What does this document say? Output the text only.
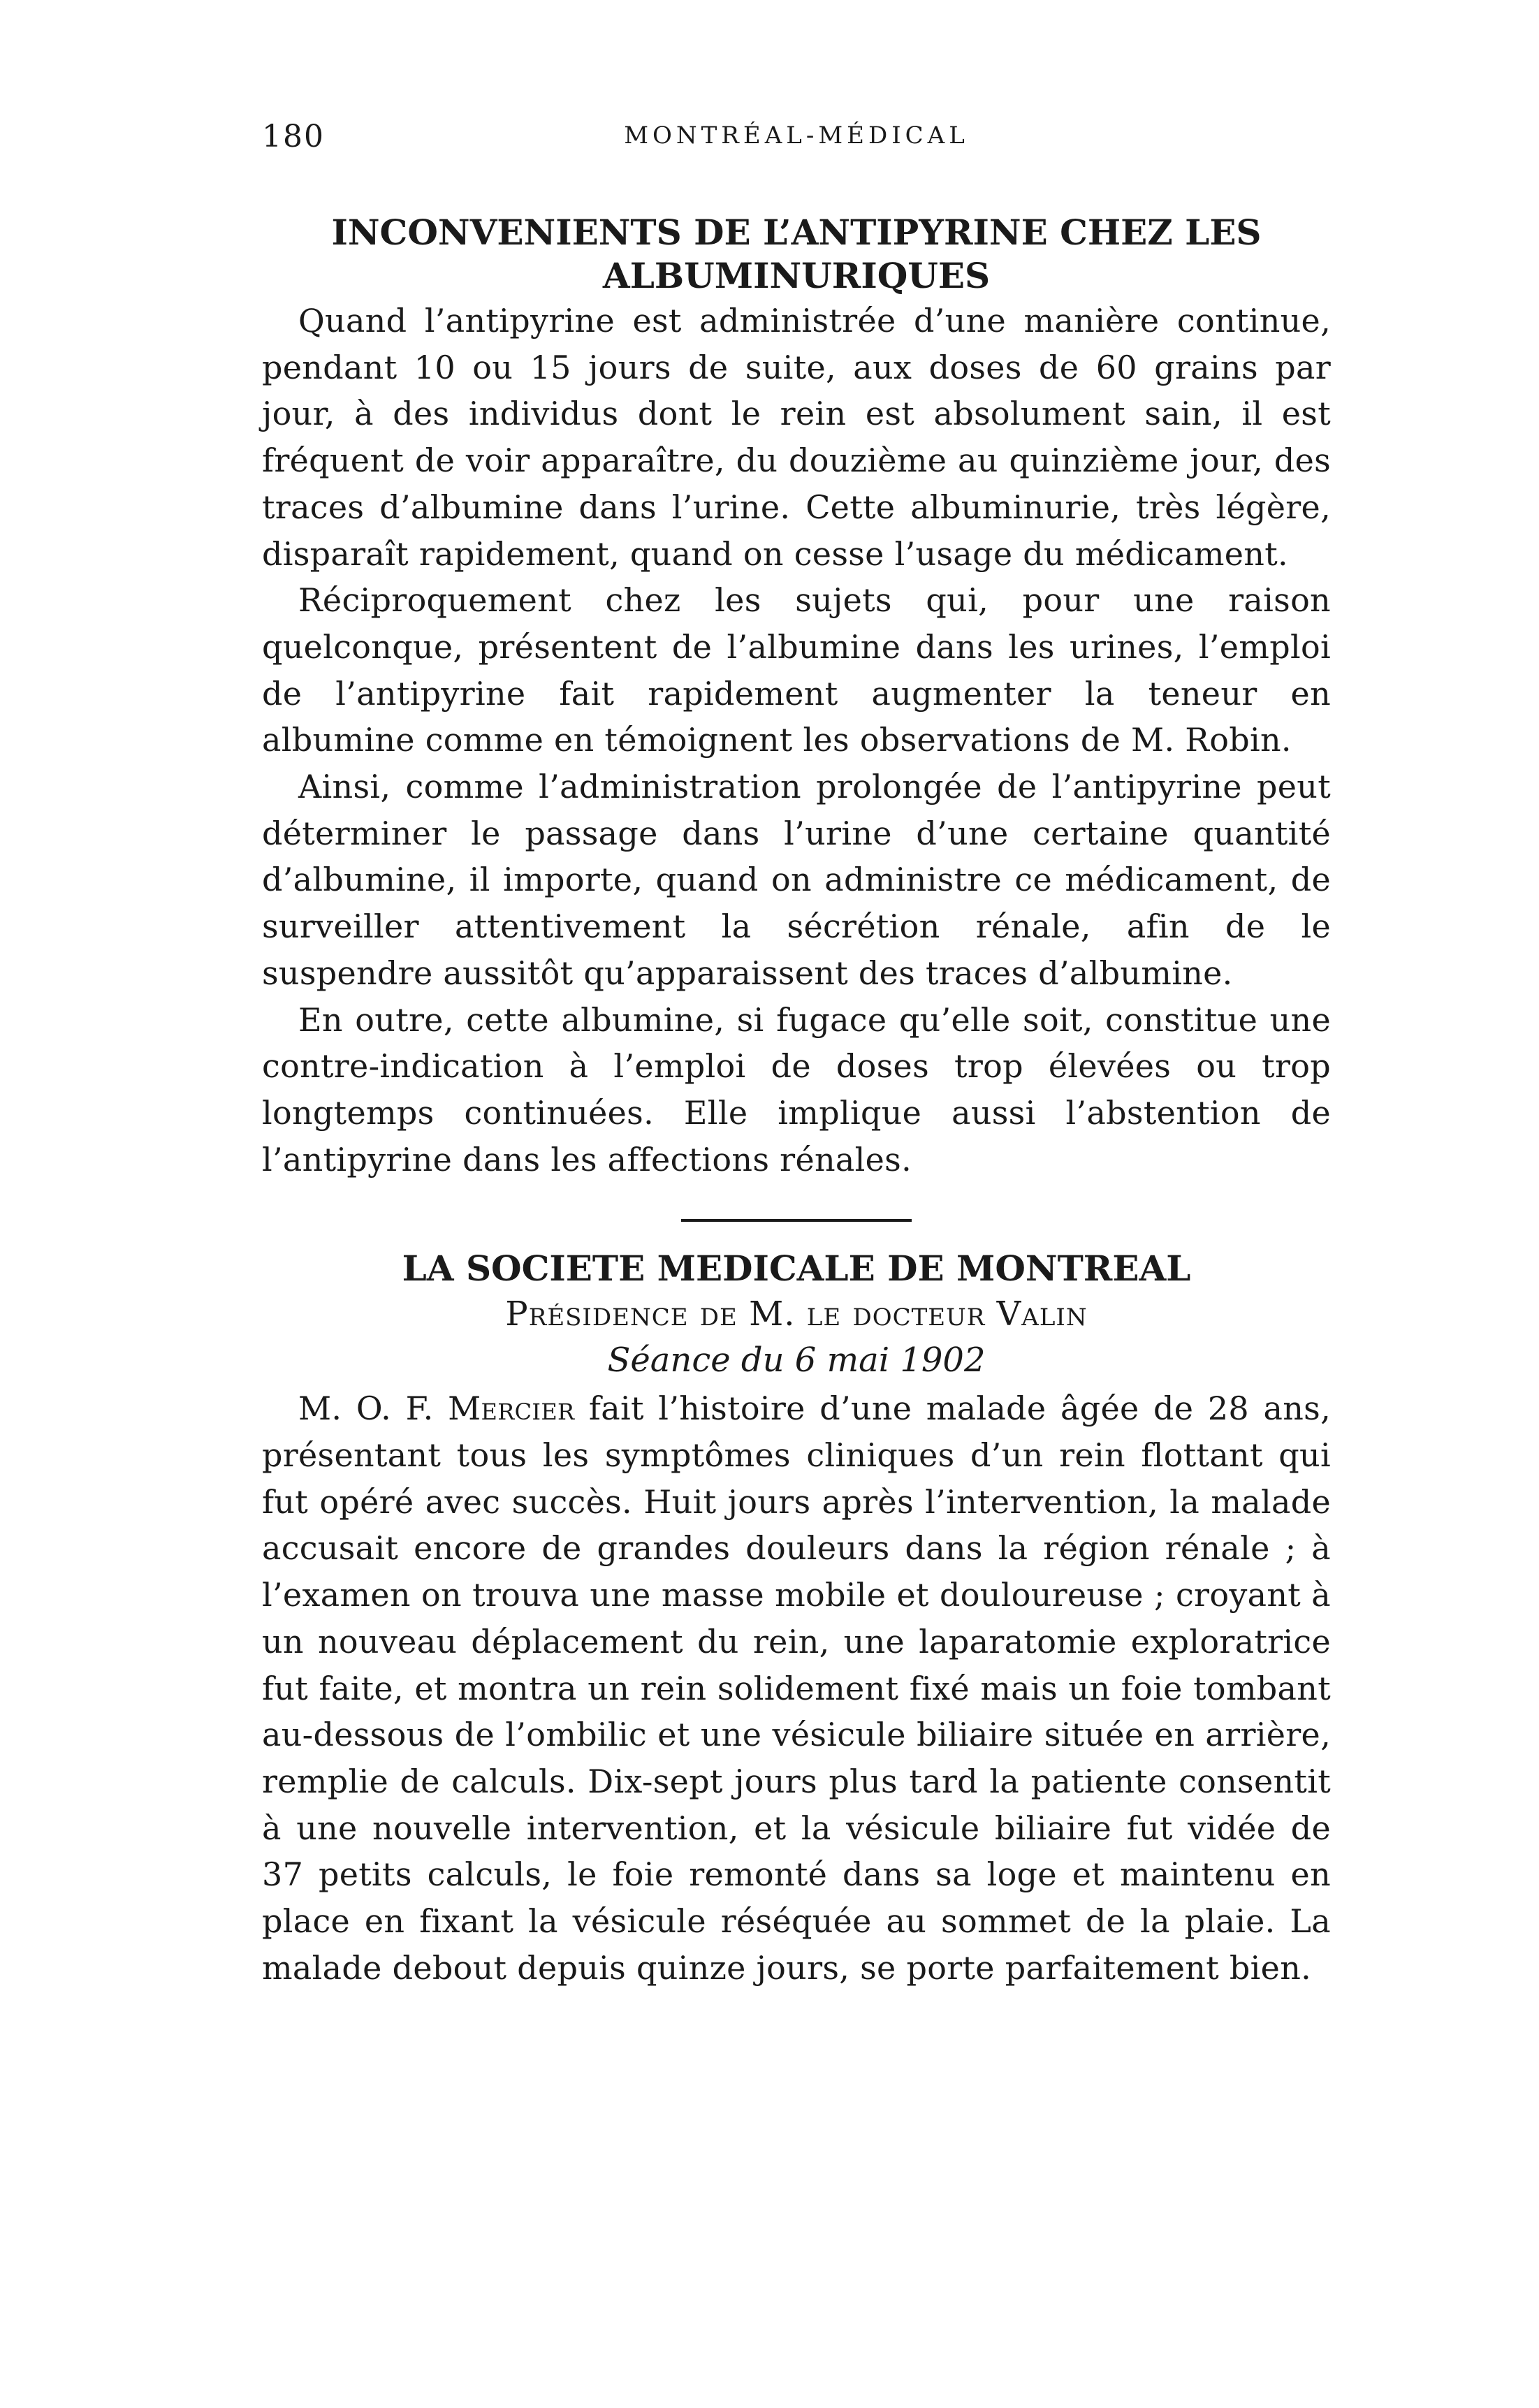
180	MONTRÉAL-MÉDICAL
INCONVENIENTS DE L’ANTIPYRINE CHEZ LES
ALBUMINURIQUES

Quand l’antipyrine est administrée d’une manière continue, pendant 10 ou 15 jours de suite, aux doses de 60 grains par jour, à des individus dont le rein est absolument sain, il est fréquent de voir apparaître, du douzième au quinzième jour, des traces d’albumine dans l’urine. Cette albuminurie, très légère, disparaît rapidement, quand on cesse l’usage du médicament.

Réciproquement chez les sujets qui, pour une raison quelconque, présentent de l’albumine dans les urines, l’emploi de l’antipyrine fait rapidement augmenter la teneur en albumine comme en témoignent les observations de M. Robin.

Ainsi, comme l’administration prolongée de l’antipyrine peut déterminer le passage dans l’urine d’une certaine quantité d’albumine, il importe, quand on administre ce médicament, de surveiller attentivement la sécrétion rénale, afin de le suspendre aussitôt qu’apparaissent des traces d’albumine.

En outre, cette albumine, si fugace qu’elle soit, constitue une contre-indication à l’emploi de doses trop élevées ou trop longtemps continuées. Elle implique aussi l’abstention de l’antipyrine dans les affections rénales.

LA SOCIETE MEDICALE DE MONTREAL
Présidence de M. le docteur Valin
Séance du 6 mai 1902

M. O. F. Mercier fait l’histoire d’une malade âgée de 28 ans, présentant tous les symptômes cliniques d’un rein flottant qui fut opéré avec succès. Huit jours après l’intervention, la malade accusait encore de grandes douleurs dans la région rénale ; à l’examen on trouva une masse mobile et douloureuse ; croyant à un nouveau déplacement du rein, une laparatomie exploratrice fut faite, et montra un rein solidement fixé mais un foie tombant au-dessous de l’ombilic et une vésicule biliaire située en arrière, remplie de calculs. Dix-sept jours plus tard la patiente consentit à une nouvelle intervention, et la vésicule biliaire fut vidée de 37 petits calculs, le foie remonté dans sa loge et maintenu en place en fixant la vésicule réséquée au sommet de la plaie. La malade debout depuis quinze jours, se porte parfaitement bien.
